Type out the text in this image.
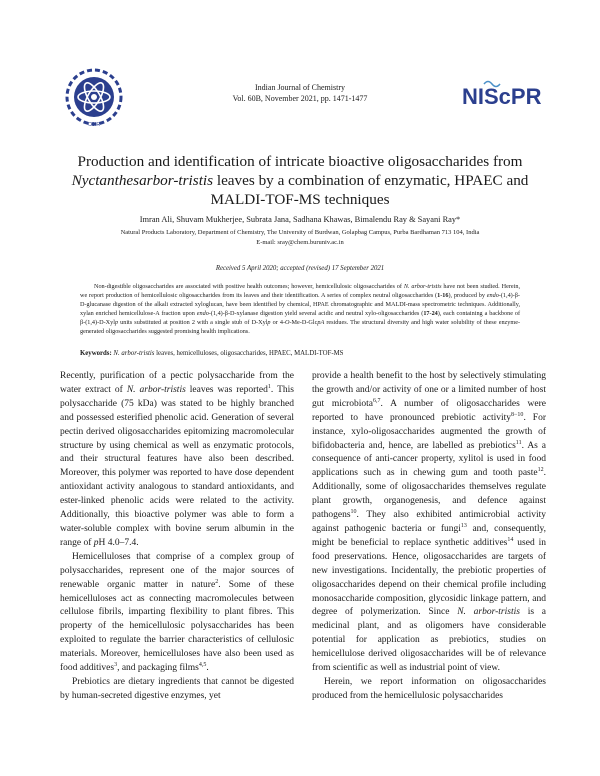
CSIR
Indian Journal of Chemistry
Vol. 60B, November 2021, pp. 1471-1477	NIScPR
Production and identification of intricate bioactive oligosaccharides from
Nyctanthesarbor-tristis leaves by a combination of enzymatic, HPAEC and
MALDI-TOF-MS techniques
Imran Ali, Shuvam Mukherjee, Subrata Jana, Sadhana Khawas, Bimalendu Ray & Sayani Ray*
Natural Products Laboratory, Department of Chemistry, The University of Burdwan, Golapbag Campus, Purba Bardhaman 713 104, India
E-mail: sray@chem.buruniv.ac.in
Received 5 April 2020; accepted (revised) 17 September 2021
Non-digestible oligosaccharides are associated with positive health outcomes; however, hemicellulosic oligosaccharides of N. arbor-tristis have not been studied. Herein, we report production of hemicellulosic oligosaccharides from its leaves and their identification. A series of complex neutral oligosaccharides (1-16), produced by endo-(1,4)-β-D-glucanase digestion of the alkali extracted xyloglucan, have been identified by chemical, HPAE chromatographic and MALDI-mass spectrometric techniques. Additionally, xylan enriched hemicellulose-A fraction upon endo-(1,4)-β-D-xylanase digestion yield several acidic and neutral xylo-oligosaccharides (17-24), each containing a backbone of β-(1,4)-D-Xylp units substituted at position 2 with a single stub of D-Xylp or 4-O-Me-D-GlcpA residues. The structural diversity and high water solubility of these enzyme-generated oligosaccharides suggested promising health implications.
Keywords: N. arbor-tristis leaves, hemicelluloses, oligosaccharides, HPAEC, MALDI-TOF-MS

Recently, purification of a pectic polysaccharide from the water extract of N. arbor-tristis leaves was reported$^1$. This polysaccharide (75 kDa) was stated to be highly branched and possessed esterified phenolic acid. Generation of several pectin derived oligosaccharides epitomizing macromolecular structure by using chemical as well as enzymatic protocols, and their structural features have also been described. Moreover, this polymer was reported to have dose dependent antioxidant activity analogous to standard antioxidants, and ester-linked phenolic acids were related to the activity. Additionally, this bioactive polymer was able to form a water-soluble complex with bovine serum albumin in the range of pH 4.0–7.4.

Hemicelluloses that comprise of a complex group of polysaccharides, represent one of the major sources of renewable organic matter in nature$^2$. Some of these hemicelluloses act as connecting macromolecules between cellulose fibrils, imparting flexibility to plant fibres. This property of the hemicellulosic polysaccharides has been exploited to regulate the barrier characteristics of cellulosic materials. Moreover, hemicelluloses have also been used as food additives$^3$, and packaging films$^{4,5}$.

Prebiotics are dietary ingredients that cannot be digested by human-secreted digestive enzymes, yet

provide a health benefit to the host by selectively stimulating the growth and/or activity of one or a limited number of host gut microbiota$^{6,7}$. A number of oligosaccharides were reported to have pronounced prebiotic activity$^{8-10}$. For instance, xylo-oligosaccharides augmented the growth of bifidobacteria and, hence, are labelled as prebiotics$^{11}$. As a consequence of anti-cancer property, xylitol is used in food applications such as in chewing gum and tooth paste$^{12}$. Additionally, some of oligosaccharides themselves regulate plant growth, organogenesis, and defence against pathogens$^{10}$. They also exhibited antimicrobial activity against pathogenic bacteria or fungi$^{13}$ and, consequently, might be beneficial to replace synthetic additives$^{14}$ used in food preservations. Hence, oligosaccharides are targets of new investigations. Incidentally, the prebiotic properties of oligosaccharides depend on their chemical profile including monosaccharide composition, glycosidic linkage pattern, and degree of polymerization. Since N. arbor-tristis is a medicinal plant, and as oligomers have considerable potential for application as prebiotics, studies on hemicellulose derived oligosaccharides will be of relevance from scientific as well as industrial point of view.

Herein, we report information on oligosaccharides produced from the hemicellulosic polysaccharides
